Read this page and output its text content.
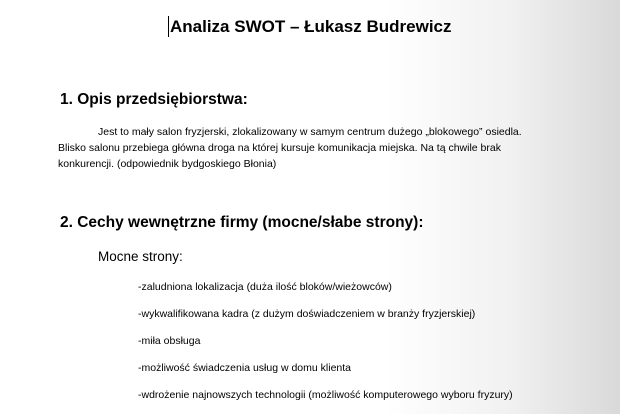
Analiza SWOT – Łukasz Budrewicz
1. Opis przedsiębiorstwa:
Jest to mały salon fryzjerski, zlokalizowany w samym centrum dużego „blokowego” osiedla.
Blisko salonu przebiega główna droga na której kursuje komunikacja miejska. Na tą chwile brak
konkurencji. (odpowiednik bydgoskiego Błonia)
2. Cechy wewnętrzne firmy (mocne/słabe strony):
Mocne strony:
-zaludniona lokalizacja (duża ilość bloków/wieżowców)
-wykwalifikowana kadra (z dużym doświadczeniem w branży fryzjerskiej)
-miła obsługa
-możliwość świadczenia usług w domu klienta
-wdrożenie najnowszych technologii (możliwość komputerowego wyboru fryzury)
